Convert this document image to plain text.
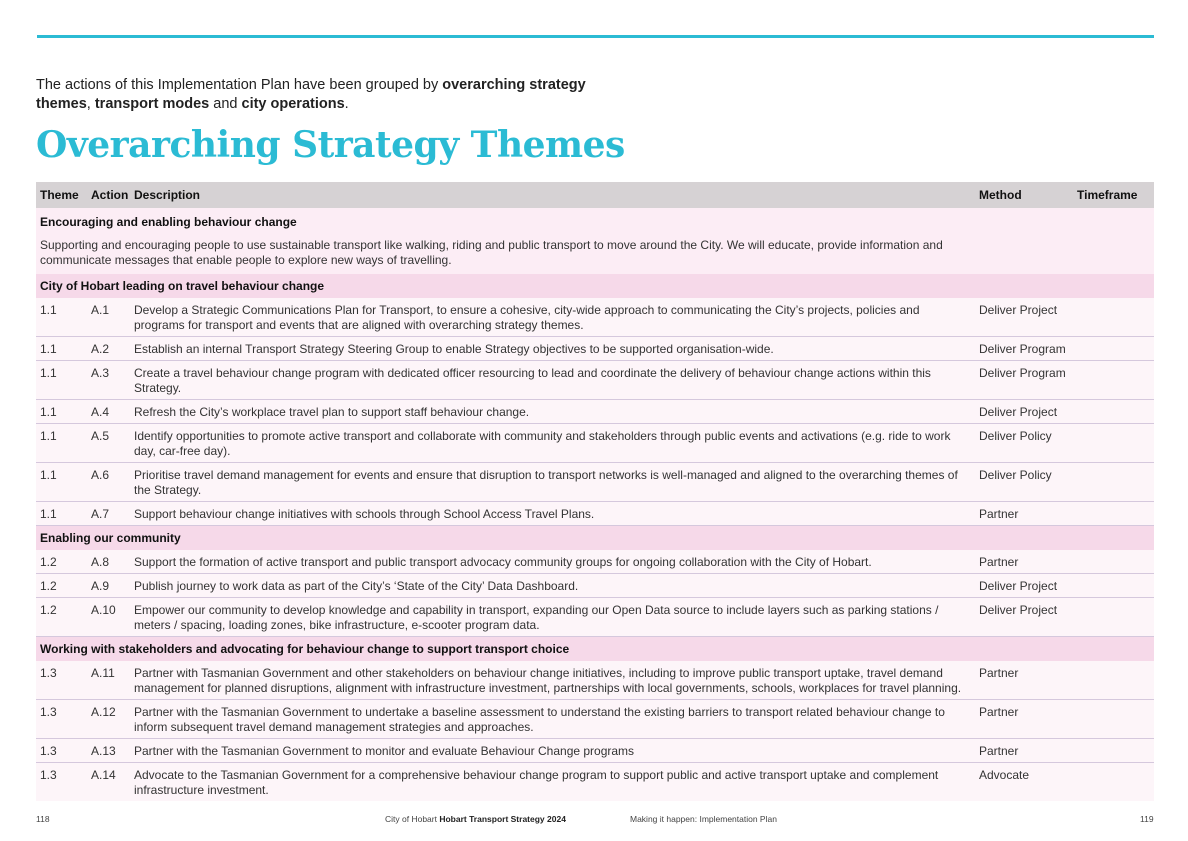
The actions of this Implementation Plan have been grouped by overarching strategy themes, transport modes and city operations.

Overarching Strategy Themes
Theme	Action	Description	Method	Timeframe
Encouraging and enabling behaviour change				

Supporting and encouraging people to use sustainable transport like walking, riding and public transport to move around the City. We will educate, provide information and communicate messages that enable people to explore new ways of travelling.				

City of Hobart leading on travel behaviour change				
1.1	A.1	Develop a Strategic Communications Plan for Transport, to ensure a cohesive, city-wide approach to communicating the City’s projects, policies and programs for transport and events that are aligned with overarching strategy themes.	Deliver Project	
1.1	A.2	Establish an internal Transport Strategy Steering Group to enable Strategy objectives to be supported organisation-wide.	Deliver Program	
1.1	A.3	Create a travel behaviour change program with dedicated officer resourcing to lead and coordinate the delivery of behaviour change actions within this Strategy.	Deliver Program	
1.1	A.4	Refresh the City’s workplace travel plan to support staff behaviour change.	Deliver Project	
1.1	A.5	Identify opportunities to promote active transport and collaborate with community and stakeholders through public events and activations (e.g. ride to work day, car-free day).	Deliver Policy	
1.1	A.6	Prioritise travel demand management for events and ensure that disruption to transport networks is well-managed and aligned to the overarching themes of the Strategy.	Deliver Policy	
1.1	A.7	Support behaviour change initiatives with schools through School Access Travel Plans.	Partner	
Enabling our community				
1.2	A.8	Support the formation of active transport and public transport advocacy community groups for ongoing collaboration with the City of Hobart.	Partner	
1.2	A.9	Publish journey to work data as part of the City’s ‘State of the City’ Data Dashboard.	Deliver Project	
1.2	A.10	Empower our community to develop knowledge and capability in transport, expanding our Open Data source to include layers such as parking stations / meters / spacing, loading zones, bike infrastructure, e-scooter program data.	Deliver Project	
Working with stakeholders and advocating for behaviour change to support transport choice				
1.3	A.11	Partner with Tasmanian Government and other stakeholders on behaviour change initiatives, including to improve public transport uptake, travel demand management for planned disruptions, alignment with infrastructure investment, partnerships with local governments, schools, workplaces for travel planning.	Partner	
1.3	A.12	Partner with the Tasmanian Government to undertake a baseline assessment to understand the existing barriers to transport related behaviour change to inform subsequent travel demand management strategies and approaches.	Partner	
1.3	A.13	Partner with the Tasmanian Government to monitor and evaluate Behaviour Change programs	Partner	
1.3	A.14	Advocate to the Tasmanian Government for a comprehensive behaviour change program to support public and active transport uptake and complement infrastructure investment.	Advocate	
118	City of Hobart Hobart Transport Strategy 2024	Making it happen: Implementation Plan	119
